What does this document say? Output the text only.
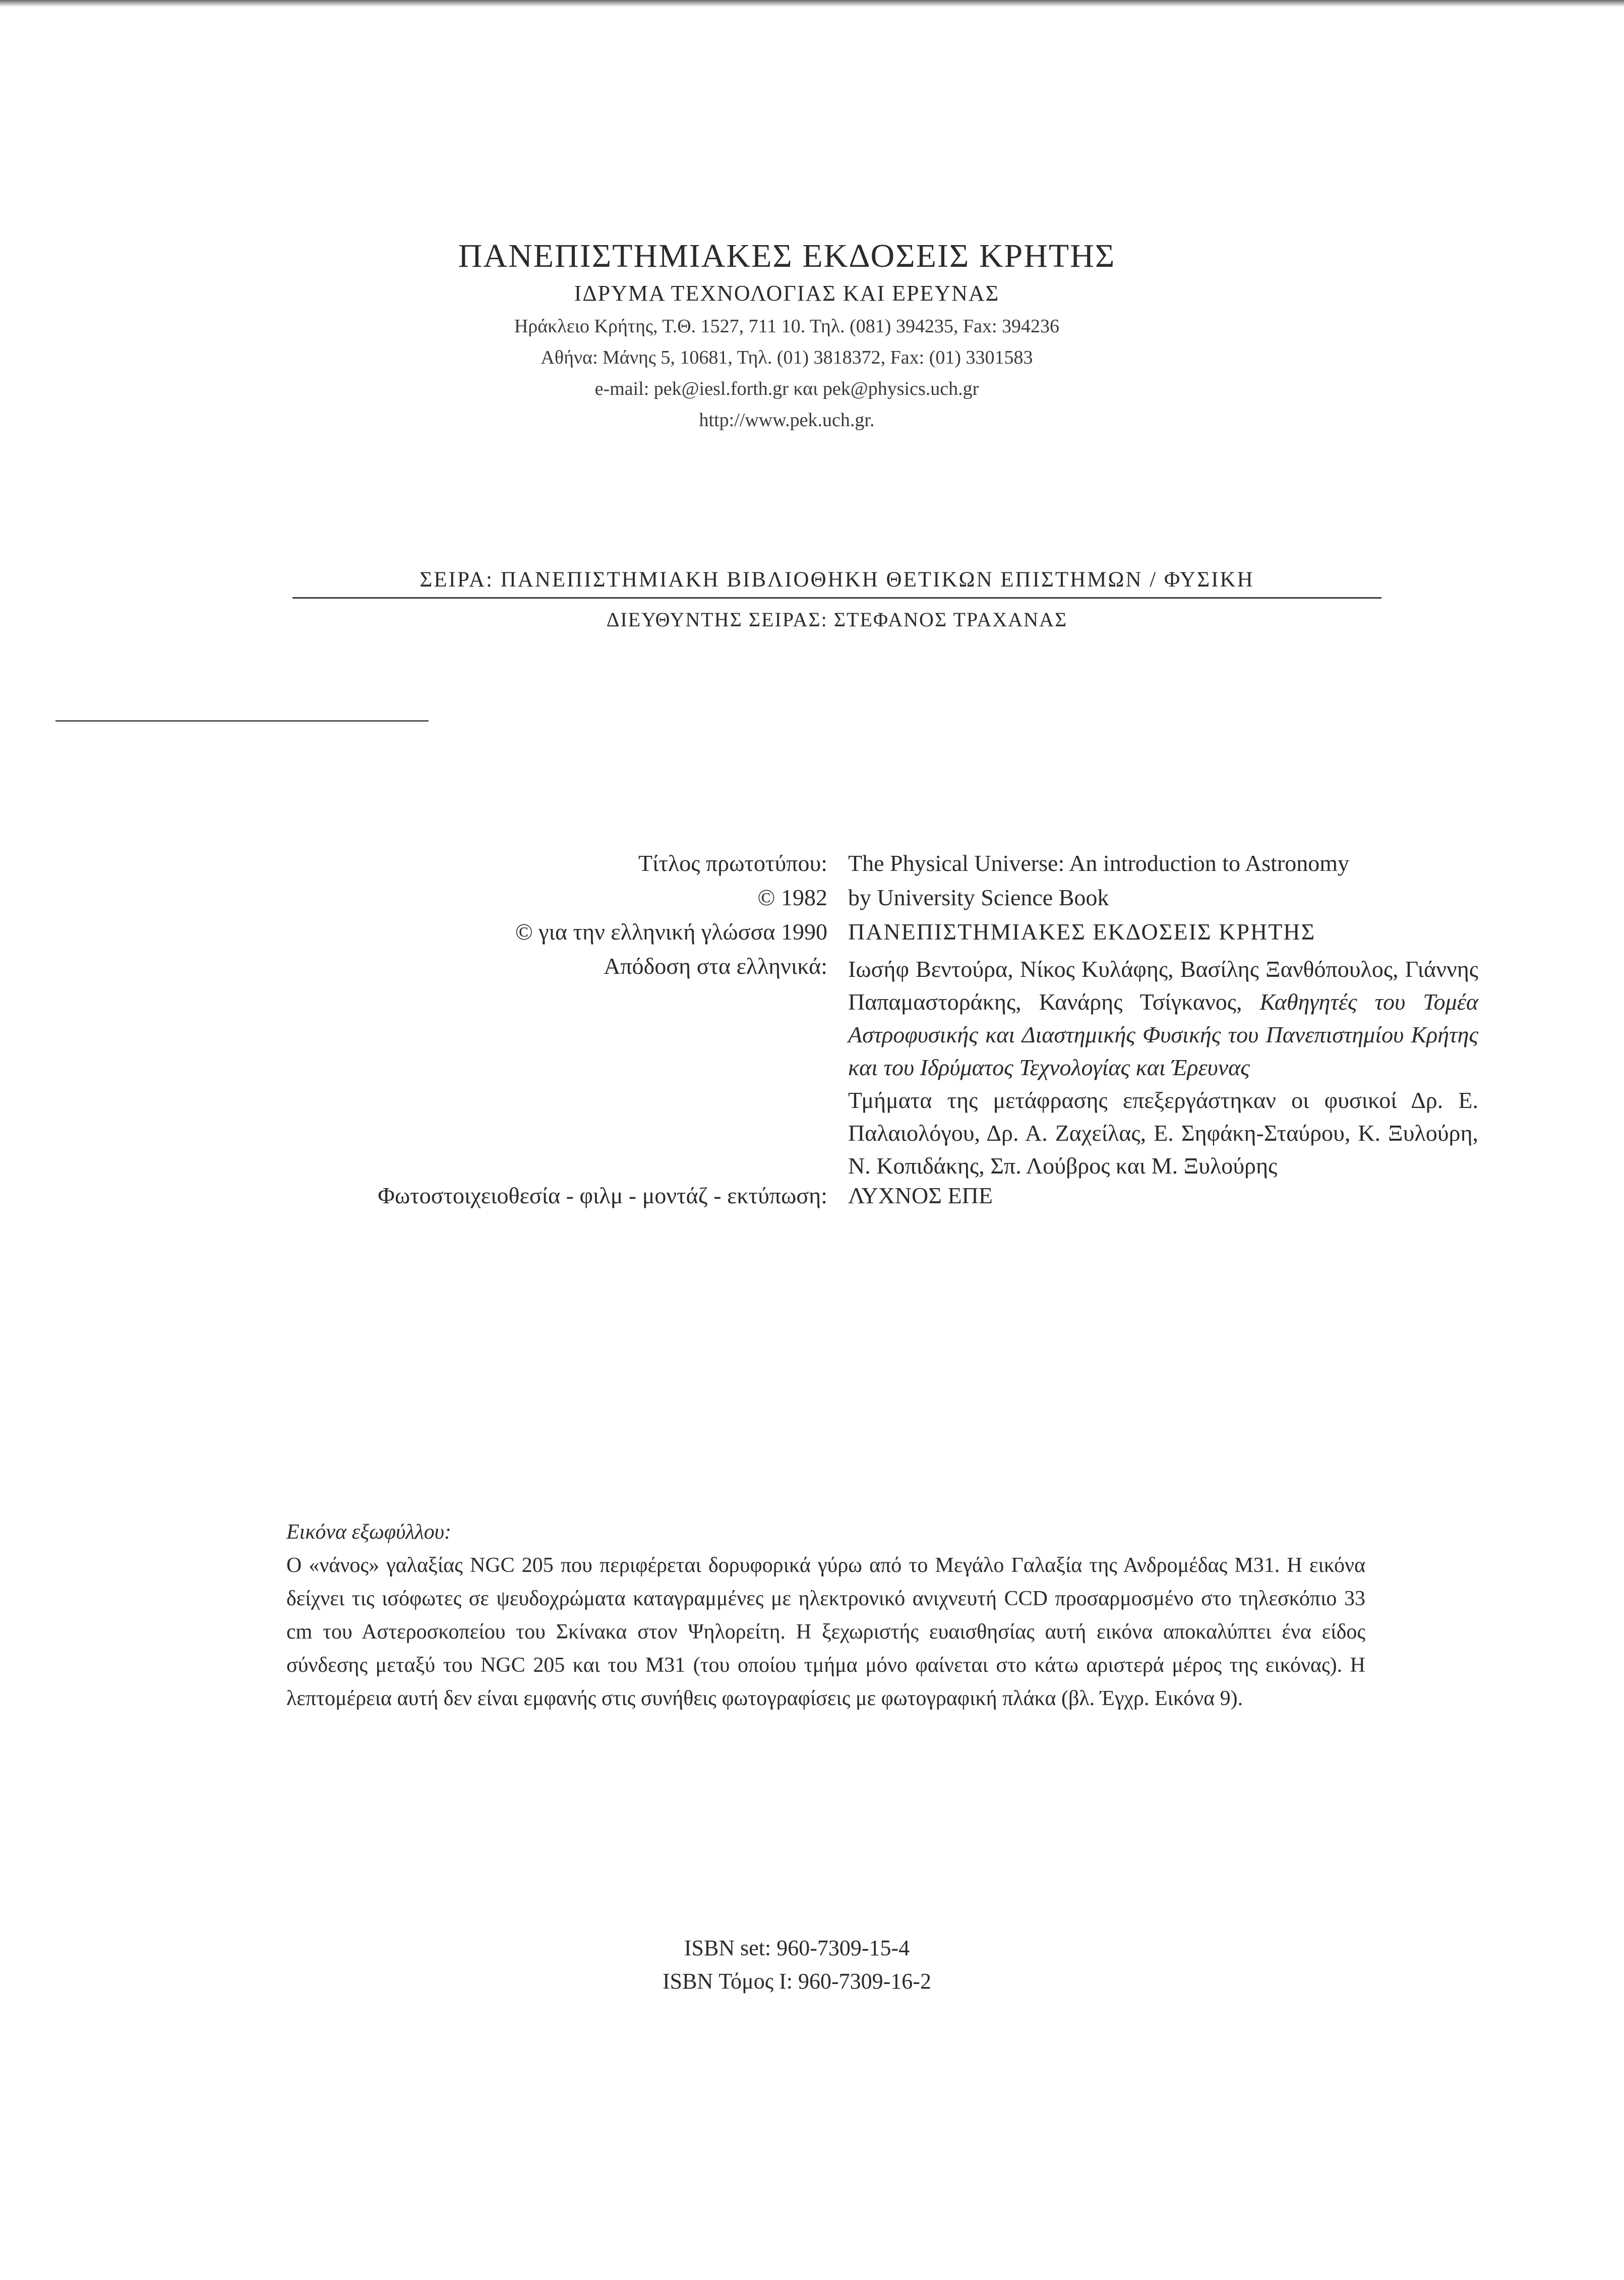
ΠΑΝΕΠΙΣΤΗΜΙΑΚΕΣ ΕΚΔΟΣΕΙΣ ΚΡΗΤΗΣ
ΙΔΡΥΜΑ ΤΕΧΝΟΛΟΓΙΑΣ ΚΑΙ ΕΡΕΥΝΑΣ
Ηράκλειο Κρήτης, Τ.Θ. 1527, 711 10. Τηλ. (081) 394235, Fax: 394236
Αθήνα: Μάνης 5, 10681, Τηλ. (01) 3818372, Fax: (01) 3301583
e-mail: pek@iesl.forth.gr και pek@physics.uch.gr
http://www.pek.uch.gr.
ΣΕΙΡΑ: ΠΑΝΕΠΙΣΤΗΜΙΑΚΗ ΒΙΒΛΙΟΘΗΚΗ ΘΕΤΙΚΩΝ ΕΠΙΣΤΗΜΩΝ / ΦΥΣΙΚΗ
ΔΙΕΥΘΥΝΤΗΣ ΣΕΙΡΑΣ: ΣΤΕΦΑΝΟΣ ΤΡΑΧΑΝΑΣ
Τίτλος πρωτοτύπου: The Physical Universe: An introduction to Astronomy
© 1982 by University Science Book
© για την ελληνική γλώσσα 1990 ΠΑΝΕΠΙΣΤΗΜΙΑΚΕΣ ΕΚΔΟΣΕΙΣ ΚΡΗΤΗΣ
Απόδοση στα ελληνικά: Ιωσήφ Βεντούρα, Νίκος Κυλάφης, Βασίλης Ξανθόπουλος, Γιάννης Παπαμαστοράκης, Κανάρης Τσίγκανος, Καθηγητές του Τομέα Αστροφυσικής και Διαστημικής Φυσικής του Πανεπιστημίου Κρήτης και του Ιδρύματος Τεχνολογίας και Έρευνας
Τμήματα της μετάφρασης επεξεργάστηκαν οι φυσικοί Δρ. Ε. Παλαιολόγου, Δρ. Α. Ζαχείλας, Ε. Σηφάκη-Σταύρου, Κ. Ξυλούρη, Ν. Κοπιδάκης, Σπ. Λούβρος και Μ. Ξυλούρης
Φωτοστοιχειοθεσία - φιλμ - μοντάζ - εκτύπωση: ΛΥΧΝΟΣ ΕΠΕ
Εικόνα εξωφύλλου:
Ο «νάνος» γαλαξίας NGC 205 που περιφέρεται δορυφορικά γύρω από το Μεγάλο Γαλαξία της Ανδρομέδας Μ31. Η εικόνα δείχνει τις ισόφωτες σε ψευδοχρώματα καταγραμμένες με ηλεκτρονικό ανιχνευτή CCD προσαρμοσμένο στο τηλεσκόπιο 33 cm του Αστεροσκοπείου του Σκίνακα στον Ψηλορείτη. Η ξεχωριστής ευαισθησίας αυτή εικόνα αποκαλύπτει ένα είδος σύνδεσης μεταξύ του NGC 205 και του Μ31 (του οποίου τμήμα μόνο φαίνεται στο κάτω αριστερά μέρος της εικόνας). Η λεπτομέρεια αυτή δεν είναι εμφανής στις συνήθεις φωτογραφίσεις με φωτογραφική πλάκα (βλ. Έγχρ. Εικόνα 9).
ISBN set: 960-7309-15-4
ISBN Τόμος Ι: 960-7309-16-2
